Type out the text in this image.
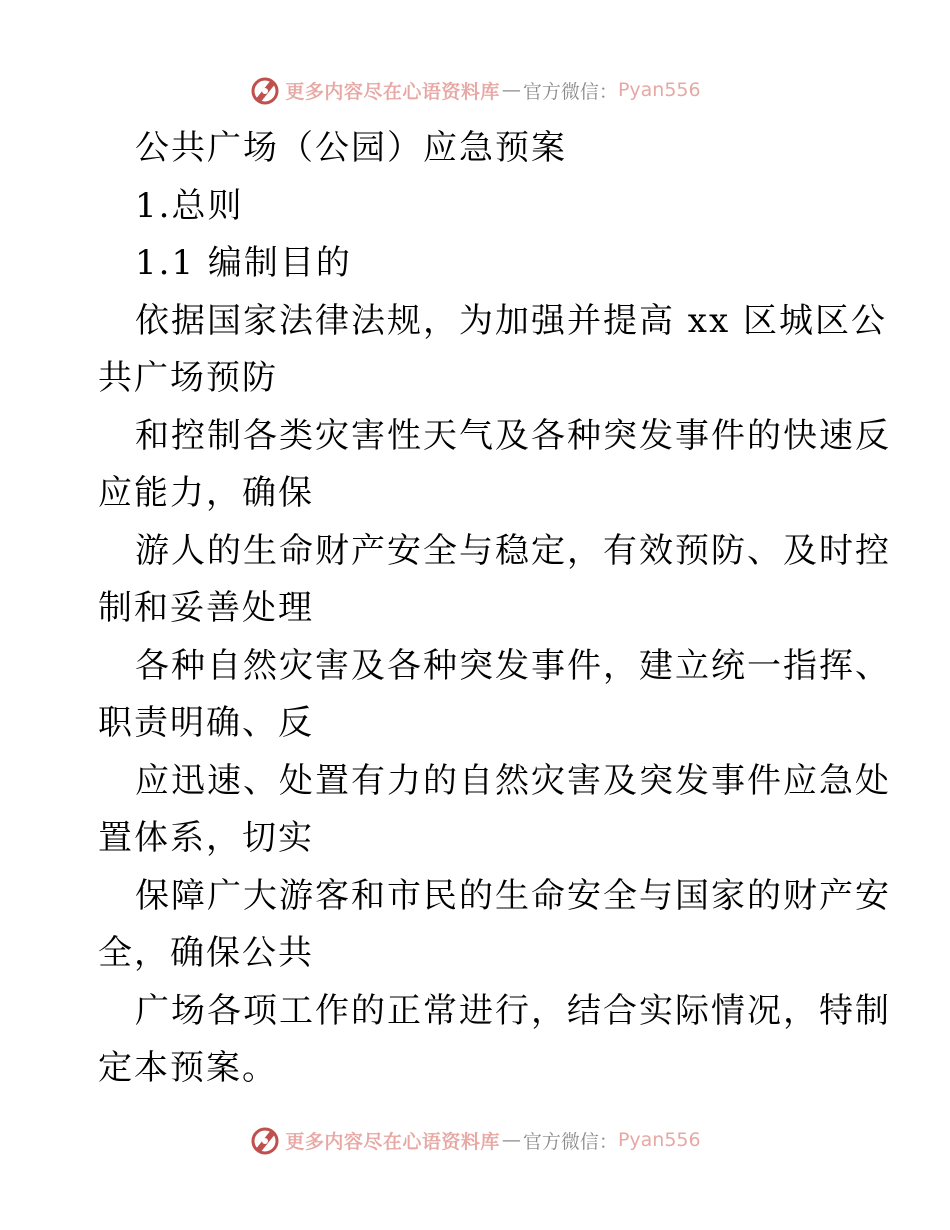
更多内容尽在心语资料库 — 官方微信： Pyan556
公共广场（公园）应急预案
1.总则
1.1 编制目的
依据国家法律法规，为加强并提高 xx 区城区公
共广场预防
和控制各类灾害性天气及各种突发事件的快速反
应能力，确保
游人的生命财产安全与稳定，有效预防、及时控
制和妥善处理
各种自然灾害及各种突发事件，建立统一指挥、
职责明确、反
应迅速、处置有力的自然灾害及突发事件应急处
置体系，切实
保障广大游客和市民的生命安全与国家的财产安
全，确保公共
广场各项工作的正常进行，结合实际情况，特制
定本预案。
更多内容尽在心语资料库 — 官方微信： Pyan556
